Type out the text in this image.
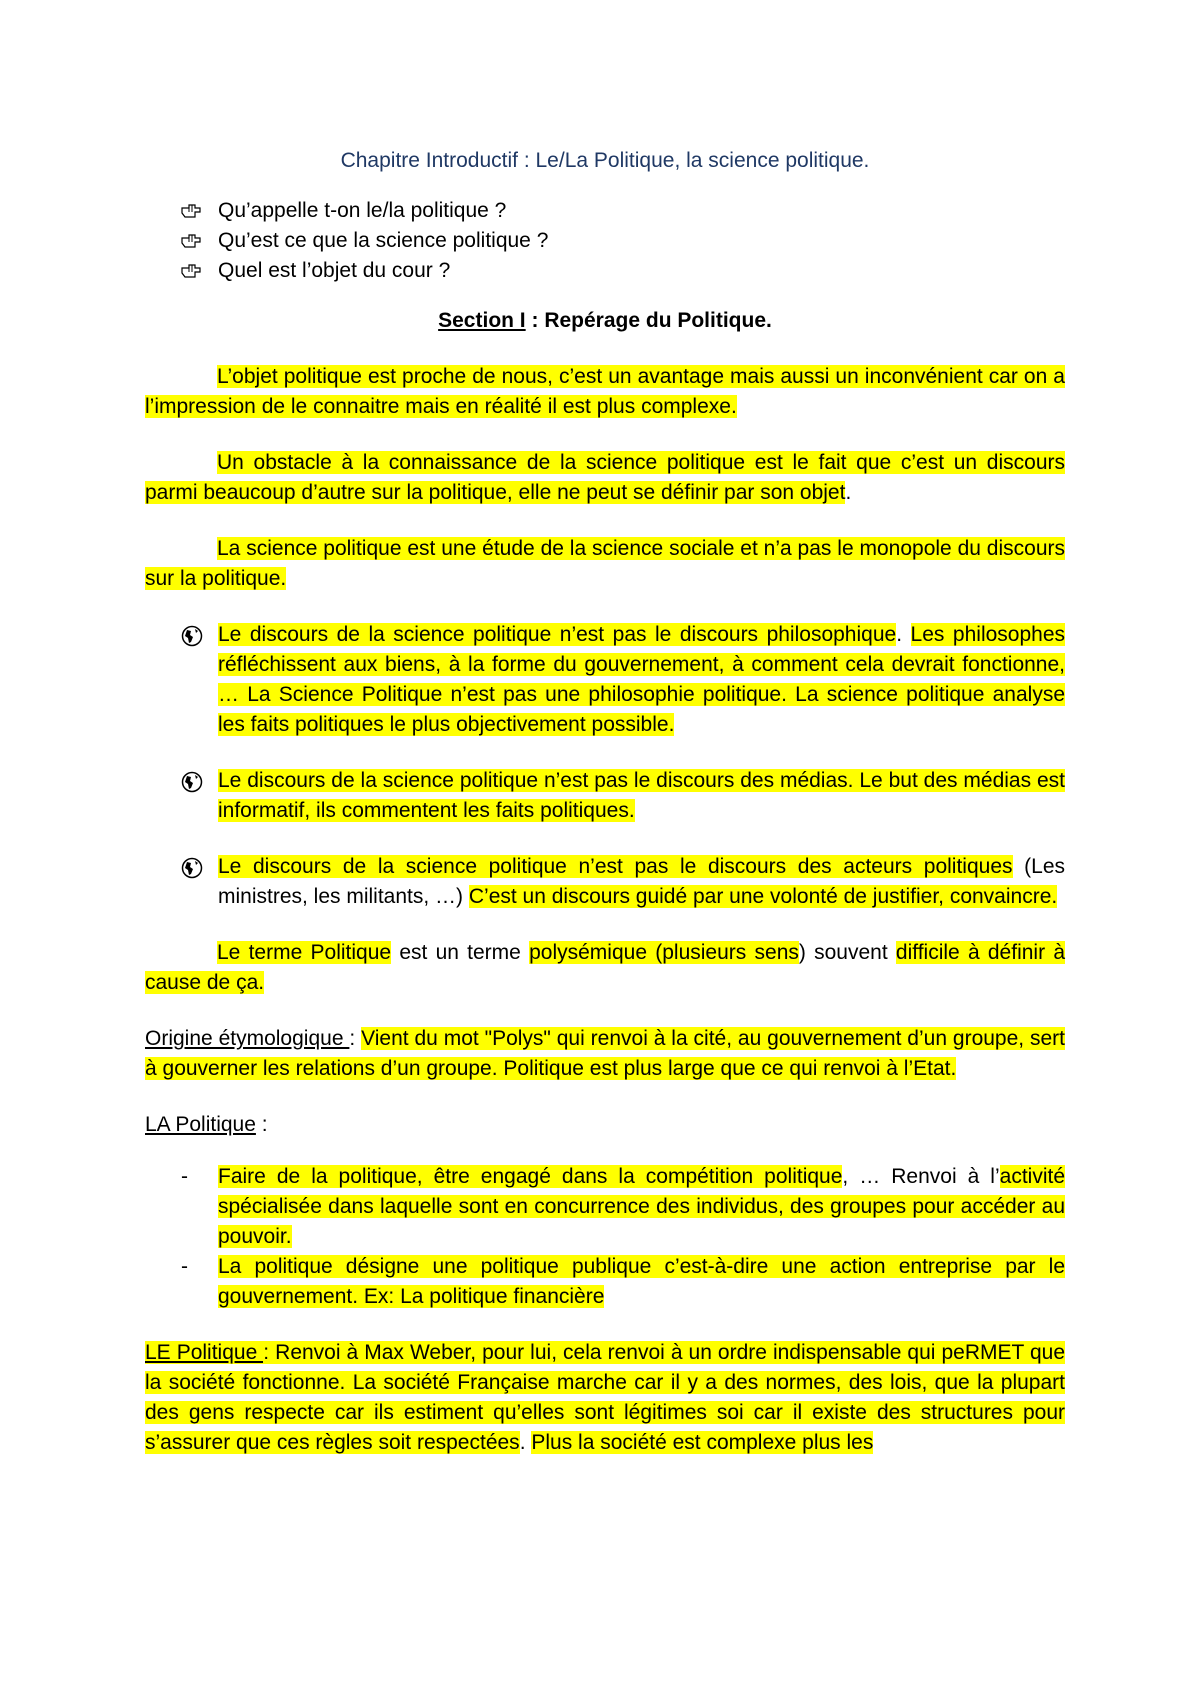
Chapitre Introductif : Le/La Politique, la science politique.
Qu’appelle t-on le/la politique ?
Qu’est ce que la science politique ?
Quel est l’objet du cour ?
Section I : Repérage du Politique.

L’objet politique est proche de nous, c’est un avantage mais aussi un inconvénient car on a l’impression de le connaitre mais en réalité il est plus complexe.

Un obstacle à la connaissance de la science politique est le fait que c’est un discours parmi beaucoup d’autre sur la politique, elle ne peut se définir par son objet.

La science politique est une étude de la science sociale et n’a pas le monopole du discours sur la politique.

Le discours de la science politique n’est pas le discours philosophique. Les philosophes réfléchissent aux biens, à la forme du gouvernement, à comment cela devrait fonctionne, … La Science Politique n’est pas une philosophie politique. La science politique analyse les faits politiques le plus objectivement possible.
Le discours de la science politique n’est pas le discours des médias. Le but des médias est informatif, ils commentent les faits politiques.
Le discours de la science politique n’est pas le discours des acteurs politiques (Les ministres, les militants, …) C’est un discours guidé par une volonté de justifier, convaincre.

Le terme Politique est un terme polysémique (plusieurs sens) souvent difficile à définir à cause de ça.

Origine étymologique : Vient du mot "Polys" qui renvoi à la cité, au gouvernement d’un groupe, sert à gouverner les relations d’un groupe. Politique est plus large que ce qui renvoi à l’Etat.

LA Politique :

- Faire de la politique, être engagé dans la compétition politique, … Renvoi à l’activité spécialisée dans laquelle sont en concurrence des individus, des groupes pour accéder au pouvoir.
- La politique désigne une politique publique c’est-à-dire une action entreprise par le gouvernement. Ex: La politique financière

LE Politique : Renvoi à Max Weber, pour lui, cela renvoi à un ordre indispensable qui peRMET que la société fonctionne. La société Française marche car il y a des normes, des lois, que la plupart des gens respecte car ils estiment qu’elles sont légitimes soi car il existe des structures pour s’assurer que ces règles soit respectées. Plus la société est complexe plus les
